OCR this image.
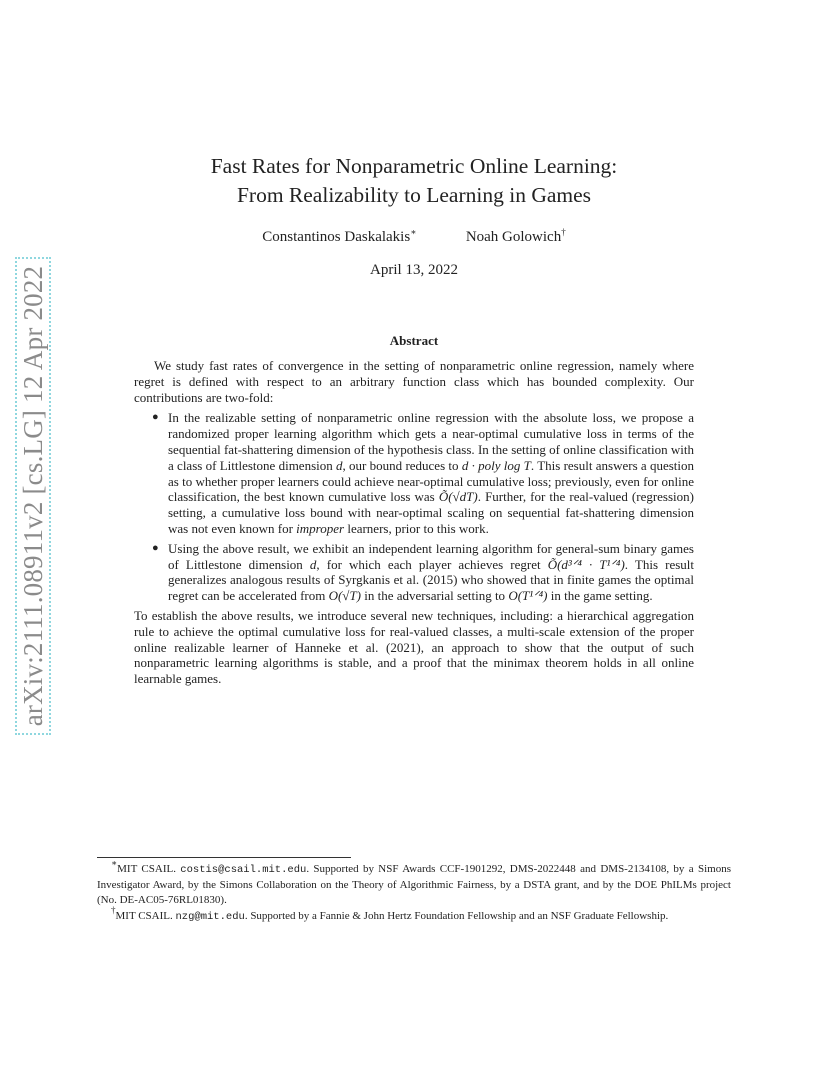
arXiv:2111.08911v2 [cs.LG] 12 Apr 2022
Fast Rates for Nonparametric Online Learning:
From Realizability to Learning in Games
Constantinos Daskalakis∗	Noah Golowich†
April 13, 2022
Abstract

We study fast rates of convergence in the setting of nonparametric online regression, namely where regret is defined with respect to an arbitrary function class which has bounded complexity. Our contributions are two-fold:

● In the realizable setting of nonparametric online regression with the absolute loss, we propose a randomized proper learning algorithm which gets a near-optimal cumulative loss in terms of the sequential fat-shattering dimension of the hypothesis class. In the setting of online classification with a class of Littlestone dimension d, our bound reduces to d · poly log T. This result answers a question as to whether proper learners could achieve near-optimal cumulative loss; previously, even for online classification, the best known cumulative loss was Õ(√dT). Further, for the real-valued (regression) setting, a cumulative loss bound with near-optimal scaling on sequential fat-shattering dimension was not even known for improper learners, prior to this work.
● Using the above result, we exhibit an independent learning algorithm for general-sum binary games of Littlestone dimension d, for which each player achieves regret Õ(d³ᐟ⁴ · T¹ᐟ⁴). This result generalizes analogous results of Syrgkanis et al. (2015) who showed that in finite games the optimal regret can be accelerated from O(√T) in the adversarial setting to O(T¹ᐟ⁴) in the game setting.

To establish the above results, we introduce several new techniques, including: a hierarchical aggregation rule to achieve the optimal cumulative loss for real-valued classes, a multi-scale extension of the proper online realizable learner of Hanneke et al. (2021), an approach to show that the output of such nonparametric learning algorithms is stable, and a proof that the minimax theorem holds in all online learnable games.

∗MIT CSAIL. costis@csail.mit.edu. Supported by NSF Awards CCF-1901292, DMS-2022448 and DMS-2134108, by a Simons Investigator Award, by the Simons Collaboration on the Theory of Algorithmic Fairness, by a DSTA grant, and by the DOE PhILMs project (No. DE-AC05-76RL01830).

†MIT CSAIL. nzg@mit.edu. Supported by a Fannie & John Hertz Foundation Fellowship and an NSF Graduate Fellowship.
